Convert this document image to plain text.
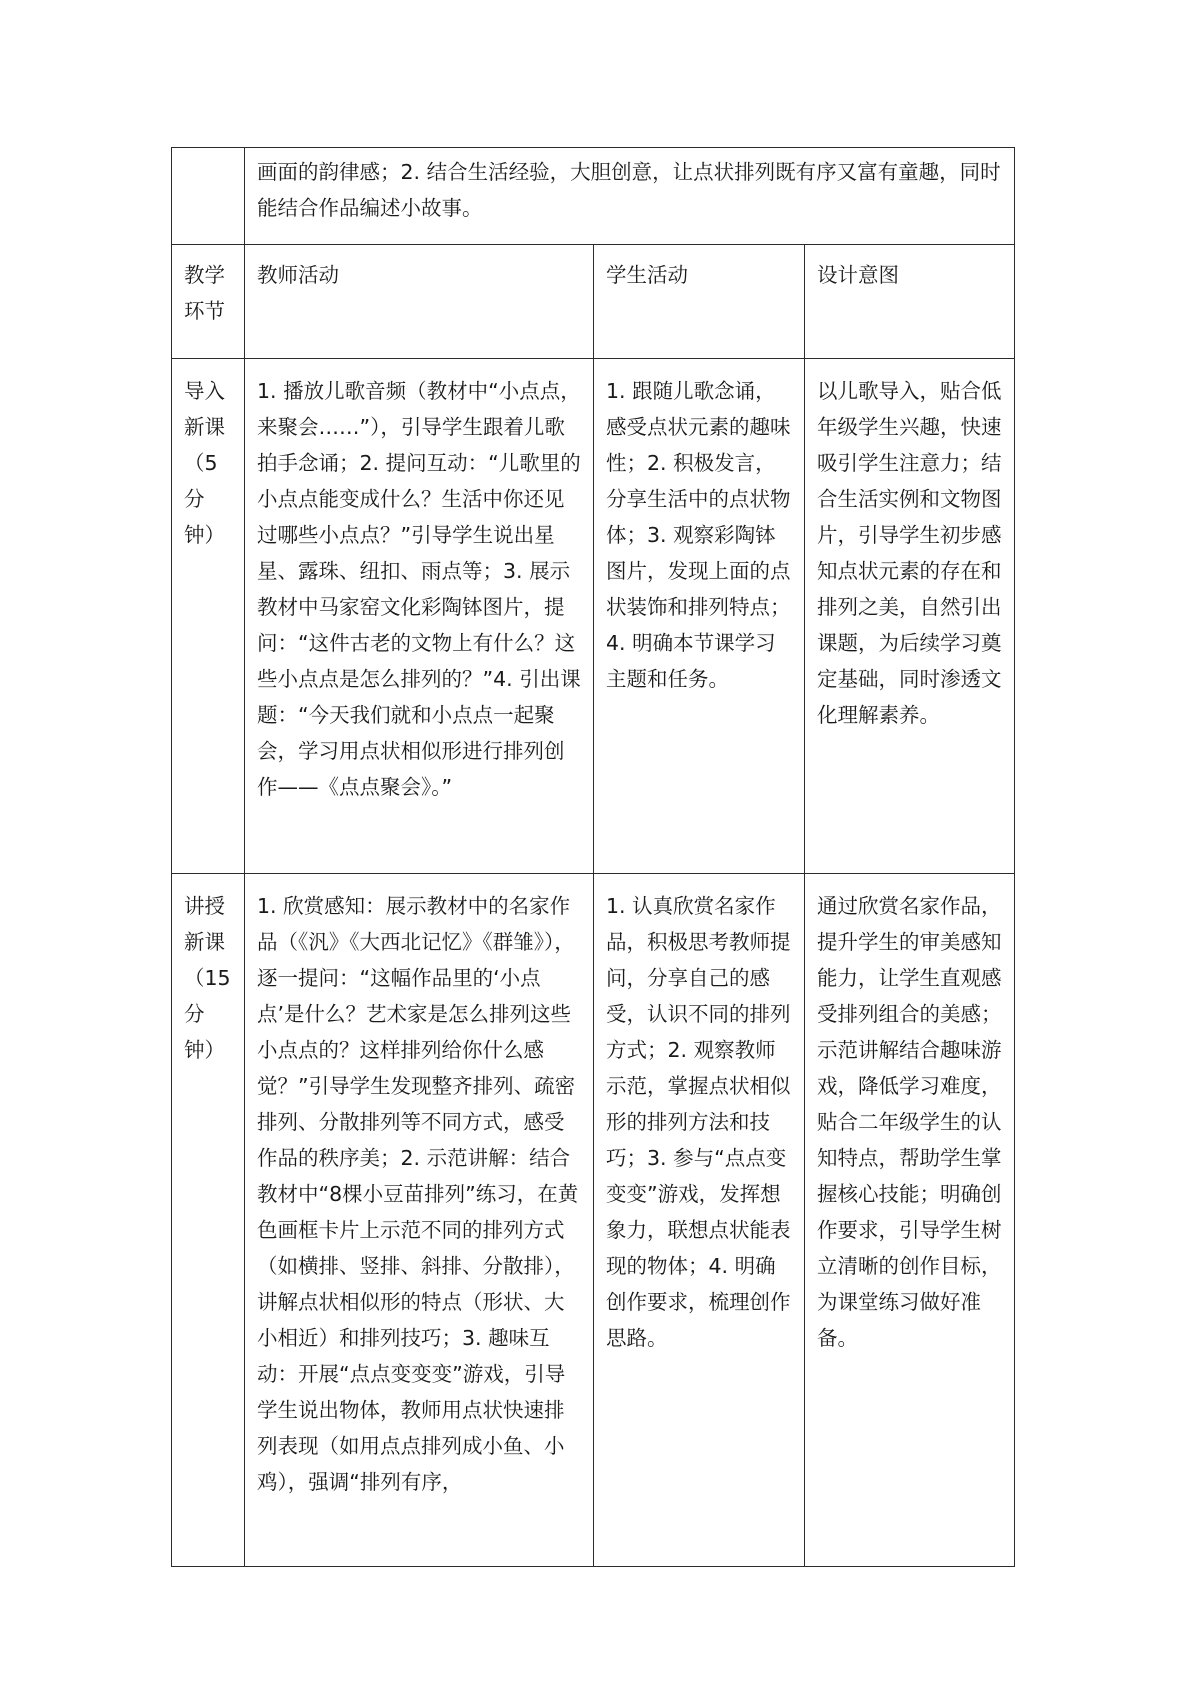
	画面的韵律感；2. 结合生活经验，大胆创意，让点状排列既有序又富有童趣，同时能结合作品编述小故事。		
教学环节	教师活动	学生活动	设计意图
导入新课（5分钟）	1. 播放儿歌音频（教材中“小点点，来聚会……”），引导学生跟着儿歌拍手念诵；2. 提问互动：“儿歌里的小点点能变成什么？生活中你还见过哪些小点点？”引导学生说出星星、露珠、纽扣、雨点等；3. 展示教材中马家窑文化彩陶钵图片，提问：“这件古老的文物上有什么？这些小点点是怎么排列的？”4. 引出课题：“今天我们就和小点点一起聚会，学习用点状相似形进行排列创作——《点点聚会》。”	1. 跟随儿歌念诵，感受点状元素的趣味性；2. 积极发言，分享生活中的点状物体；3. 观察彩陶钵图片，发现上面的点状装饰和排列特点；4. 明确本节课学习主题和任务。	以儿歌导入，贴合低年级学生兴趣，快速吸引学生注意力；结合生活实例和文物图片，引导学生初步感知点状元素的存在和排列之美，自然引出课题，为后续学习奠定基础，同时渗透文化理解素养。
讲授新课（15分钟）	1. 欣赏感知：展示教材中的名家作品（《汎》《大西北记忆》《群雏》），逐一提问：“这幅作品里的‘小点点’是什么？艺术家是怎么排列这些小点点的？这样排列给你什么感觉？”引导学生发现整齐排列、疏密排列、分散排列等不同方式，感受作品的秩序美；2. 示范讲解：结合教材中“8棵小豆苗排列”练习，在黄色画框卡片上示范不同的排列方式（如横排、竖排、斜排、分散排），讲解点状相似形的特点（形状、大小相近）和排列技巧；3. 趣味互动：开展“点点变变变”游戏，引导学生说出物体，教师用点状快速排列表现（如用点点排列成小鱼、小鸡），强调“排列有序，	1. 认真欣赏名家作品，积极思考教师提问，分享自己的感受，认识不同的排列方式；2. 观察教师示范，掌握点状相似形的排列方法和技巧；3. 参与“点点变变变”游戏，发挥想象力，联想点状能表现的物体；4. 明确创作要求，梳理创作思路。	通过欣赏名家作品，提升学生的审美感知能力，让学生直观感受排列组合的美感；示范讲解结合趣味游戏，降低学习难度，贴合二年级学生的认知特点，帮助学生掌握核心技能；明确创作要求，引导学生树立清晰的创作目标，为课堂练习做好准备。
